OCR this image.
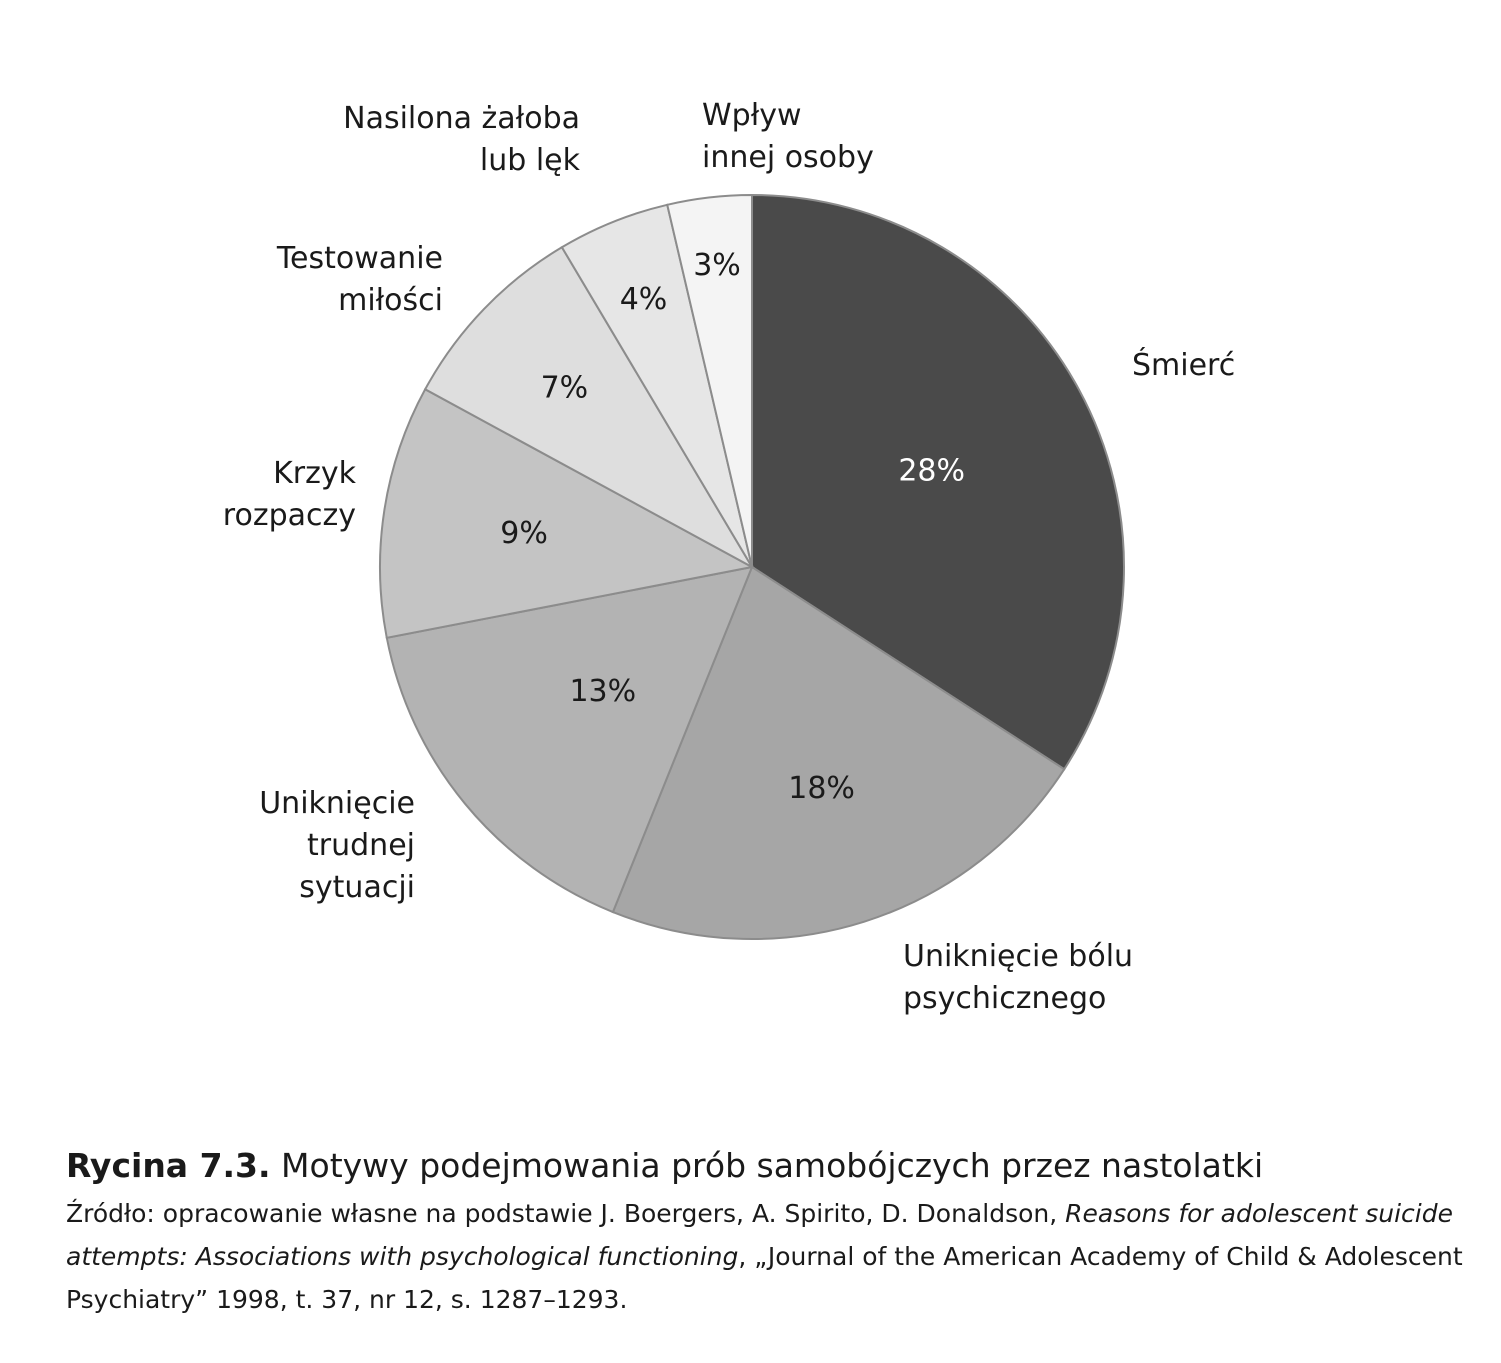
28%
18%
13%
9%
7%
4%
3%
Śmierć
Uniknięcie bólu psychicznego
Uniknięcie trudnej sytuacji
Krzyk rozpaczy
Testowanie miłości
Nasilona żałoba lub lęk
Wpływ innej osoby
Rycina 7.3. Motywy podejmowania prób samobójczych przez nastolatki
Źródło: opracowanie własne na podstawie J. Boergers, A. Spirito, D. Donaldson, Reasons for adolescent suicide attempts: Associations with psychological functioning, „Journal of the American Academy of Child & Adolescent Psychiatry” 1998, t. 37, nr 12, s. 1287–1293.
